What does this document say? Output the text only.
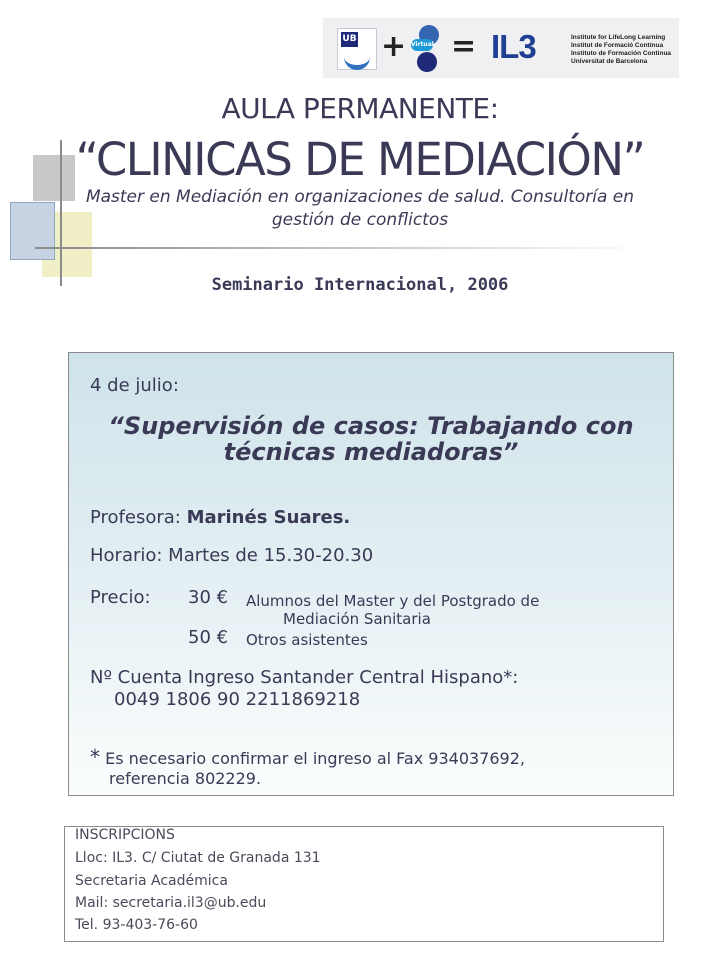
UB + Virtual = IL3	Institute for LifeLong Learning
Institut de Formació Contínua
Instituto de Formación Continua
Universitat de Barcelona
AULA PERMANENTE:
“CLINICAS DE MEDIACIÓN”
Master en Mediación en organizaciones de salud. Consultoría en gestión de conflictos
Seminario Internacional, 2006
4 de julio:
“Supervisión de casos: Trabajando con técnicas mediadoras”
Profesora: Marinés Suares.
Horario: Martes de 15.30-20.30
Precio: 30 € Alumnos del Master y del Postgrado de
Mediación Sanitaria
50 € Otros asistentes
Nº Cuenta Ingreso Santander Central Hispano*:
0049 1806 90 2211869218
* Es necesario confirmar el ingreso al Fax 934037692,
referencia 802229.
INSCRIPCIONS
Lloc: IL3. C/ Ciutat de Granada 131
Secretaria Académica
Mail: secretaria.il3@ub.edu
Tel. 93-403-76-60
